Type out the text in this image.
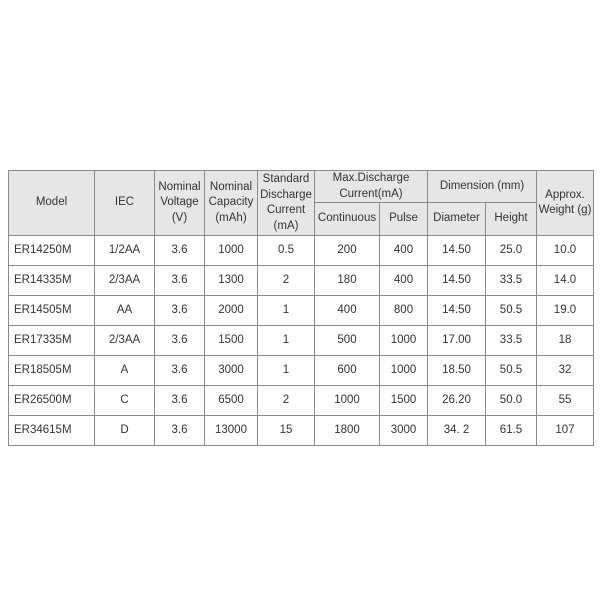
Model	IEC	Nominal Voltage (V)	Nominal Capacity (mAh)	Standard Discharge Current (mA)	Max.Discharge Current(mA)		Dimension (mm)		Approx. Weight (g)
					Continuous	Pulse	Diameter	Height	
ER14250M	1/2AA	3.6	1000	0.5	200	400	14.50	25.0	10.0
ER14335M	2/3AA	3.6	1300	2	180	400	14.50	33.5	14.0
ER14505M	AA	3.6	2000	1	400	800	14.50	50.5	19.0
ER17335M	2/3AA	3.6	1500	1	500	1000	17.00	33.5	18
ER18505M	A	3.6	3000	1	600	1000	18.50	50.5	32
ER26500M	C	3.6	6500	2	1000	1500	26.20	50.0	55
ER34615M	D	3.6	13000	15	1800	3000	34. 2	61.5	107
